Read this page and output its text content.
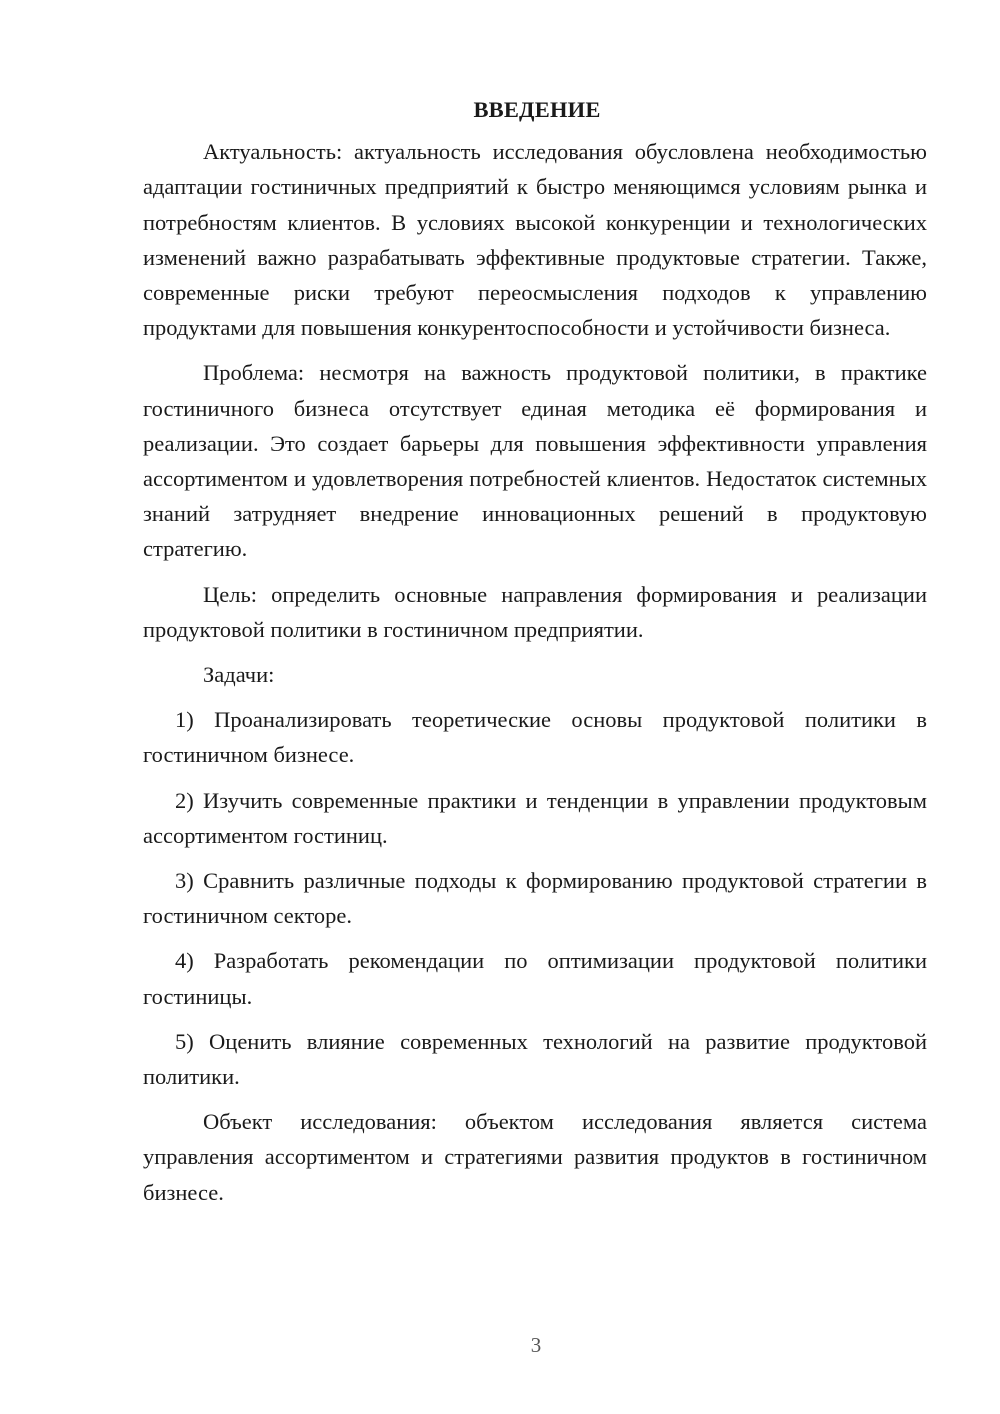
ВВЕДЕНИЕ

Актуальность: актуальность исследования обусловлена необходимостью адаптации гостиничных предприятий к быстро меняющимся условиям рынка и потребностям клиентов. В условиях высокой конкуренции и технологических изменений важно разрабатывать эффективные продуктовые стратегии. Также, современные риски требуют переосмысления подходов к управлению продуктами для повышения конкурентоспособности и устойчивости бизнеса.

Проблема: несмотря на важность продуктовой политики, в практике гостиничного бизнеса отсутствует единая методика её формирования и реализации. Это создает барьеры для повышения эффективности управления ассортиментом и удовлетворения потребностей клиентов. Недостаток системных знаний затрудняет внедрение инновационных решений в продуктовую стратегию.

Цель: определить основные направления формирования и реализации продуктовой политики в гостиничном предприятии.

Задачи:

1) Проанализировать теоретические основы продуктовой политики в гостиничном бизнесе.

2) Изучить современные практики и тенденции в управлении продуктовым ассортиментом гостиниц.

3) Сравнить различные подходы к формированию продуктовой стратегии в гостиничном секторе.

4) Разработать рекомендации по оптимизации продуктовой политики гостиницы.

5) Оценить влияние современных технологий на развитие продуктовой политики.

Объект исследования: объектом исследования является система управления ассортиментом и стратегиями развития продуктов в гостиничном бизнесе.

3
